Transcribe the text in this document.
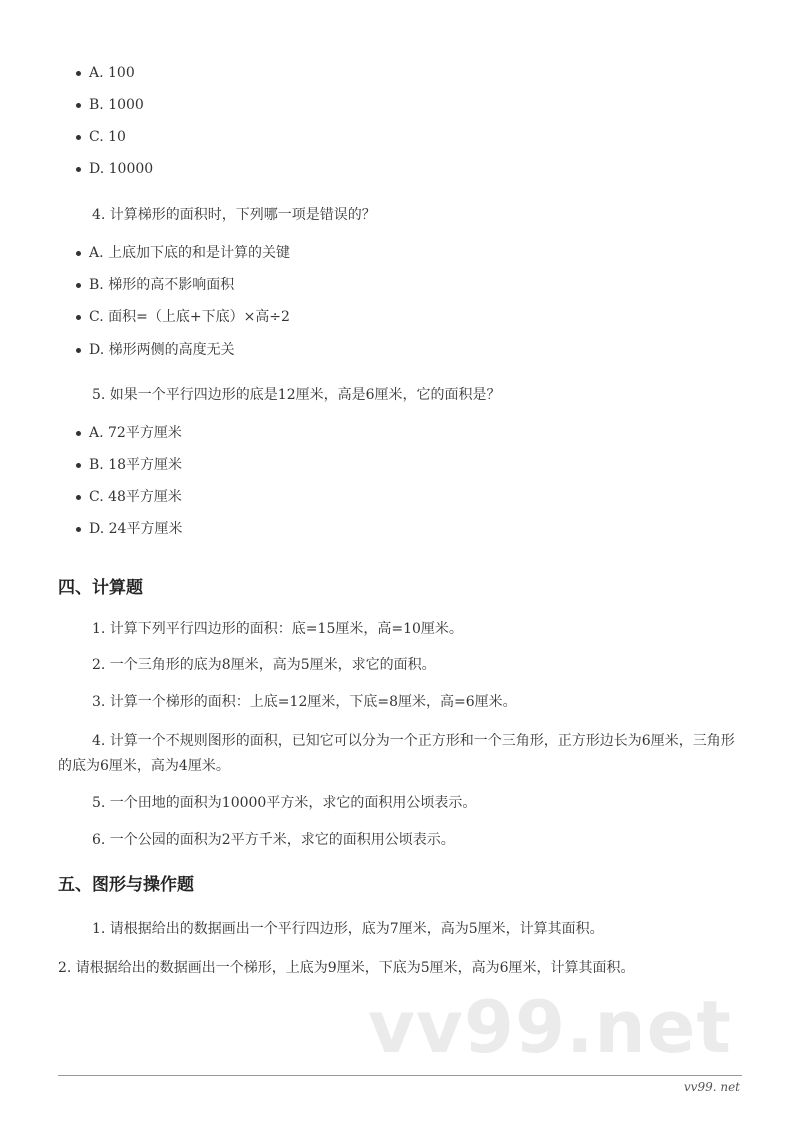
A. 100
B. 1000
C. 10
D. 10000
4. 计算梯形的面积时，下列哪一项是错误的？
A. 上底加下底的和是计算的关键
B. 梯形的高不影响面积
C. 面积=（上底+下底）×高÷2
D. 梯形两侧的高度无关
5. 如果一个平行四边形的底是12厘米，高是6厘米，它的面积是？
A. 72平方厘米
B. 18平方厘米
C. 48平方厘米
D. 24平方厘米
四、计算题
1. 计算下列平行四边形的面积：底=15厘米，高=10厘米。
2. 一个三角形的底为8厘米，高为5厘米，求它的面积。
3. 计算一个梯形的面积：上底=12厘米，下底=8厘米，高=6厘米。
4. 计算一个不规则图形的面积，已知它可以分为一个正方形和一个三角形，正方形边长为6厘米，三角形的底为6厘米，高为4厘米。
5. 一个田地的面积为10000平方米，求它的面积用公顷表示。
6. 一个公园的面积为2平方千米，求它的面积用公顷表示。
五、图形与操作题
1. 请根据给出的数据画出一个平行四边形，底为7厘米，高为5厘米，计算其面积。
2. 请根据给出的数据画出一个梯形，上底为9厘米，下底为5厘米，高为6厘米，计算其面积。
vv99.net
vv99. net
